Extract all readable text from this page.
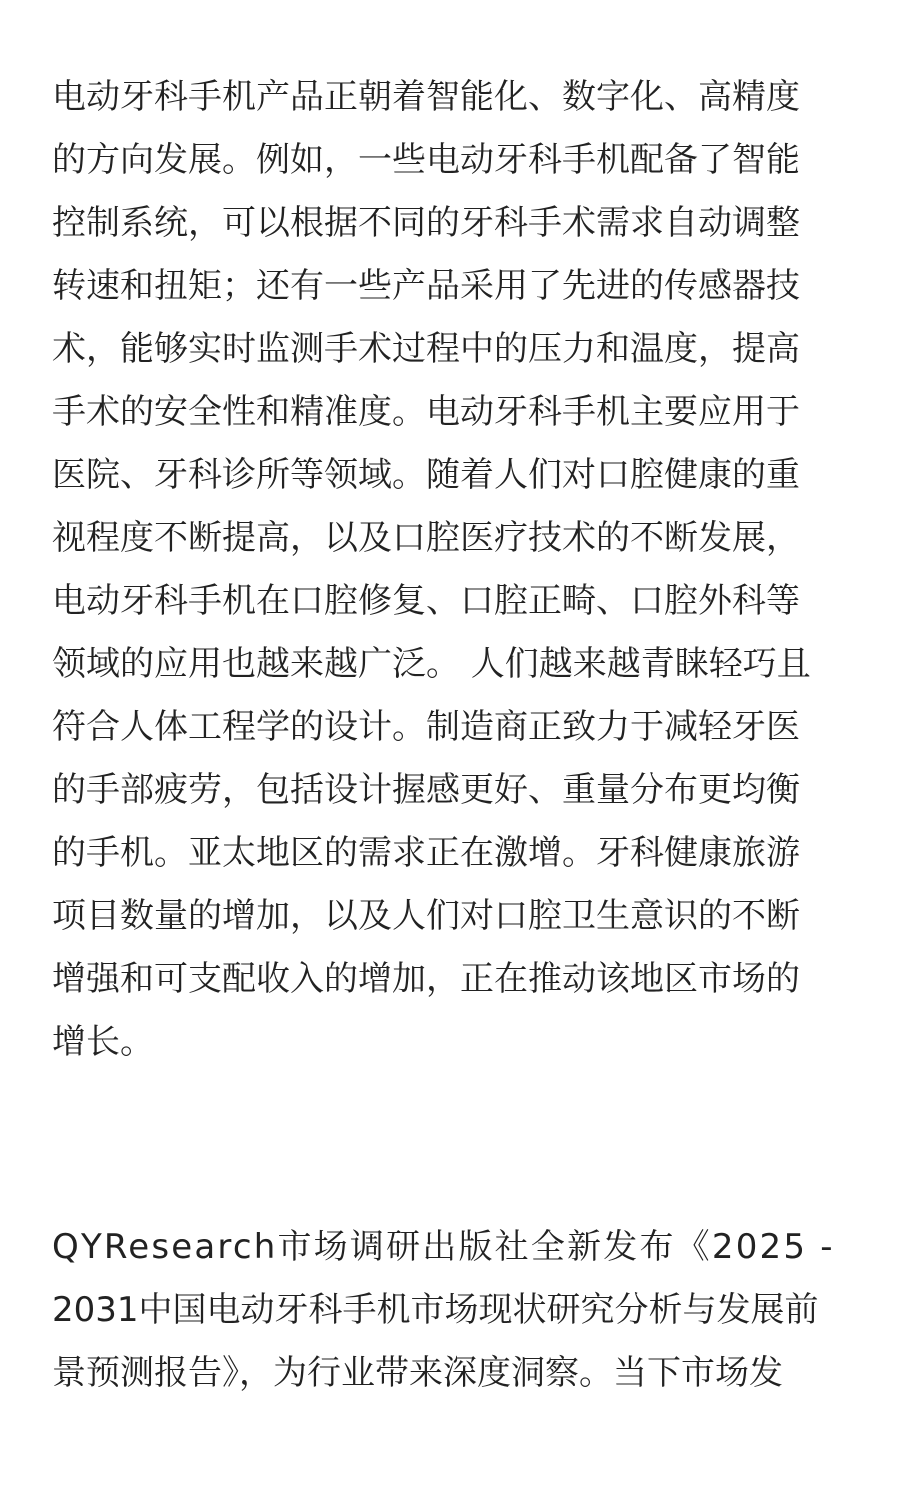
电动牙科手机产品正朝着智能化、数字化、高精度
的方向发展。例如，一些电动牙科手机配备了智能
控制系统，可以根据不同的牙科手术需求自动调整
转速和扭矩；还有一些产品采用了先进的传感器技
术，能够实时监测手术过程中的压力和温度，提高
手术的安全性和精准度。电动牙科手机主要应用于
医院、牙科诊所等领域。随着人们对口腔健康的重
视程度不断提高，以及口腔医疗技术的不断发展，
电动牙科手机在口腔修复、口腔正畸、口腔外科等
领域的应用也越来越广泛。 人们越来越青睐轻巧且
符合人体工程学的设计。制造商正致力于减轻牙医
的手部疲劳，包括设计握感更好、重量分布更均衡
的手机。亚太地区的需求正在激增。牙科健康旅游
项目数量的增加，以及人们对口腔卫生意识的不断
增强和可支配收入的增加，正在推动该地区市场的
增长。
QYResearch市场调研出版社全新发布《2025 -
2031中国电动牙科手机市场现状研究分析与发展前
景预测报告》，为行业带来深度洞察。当下市场发
